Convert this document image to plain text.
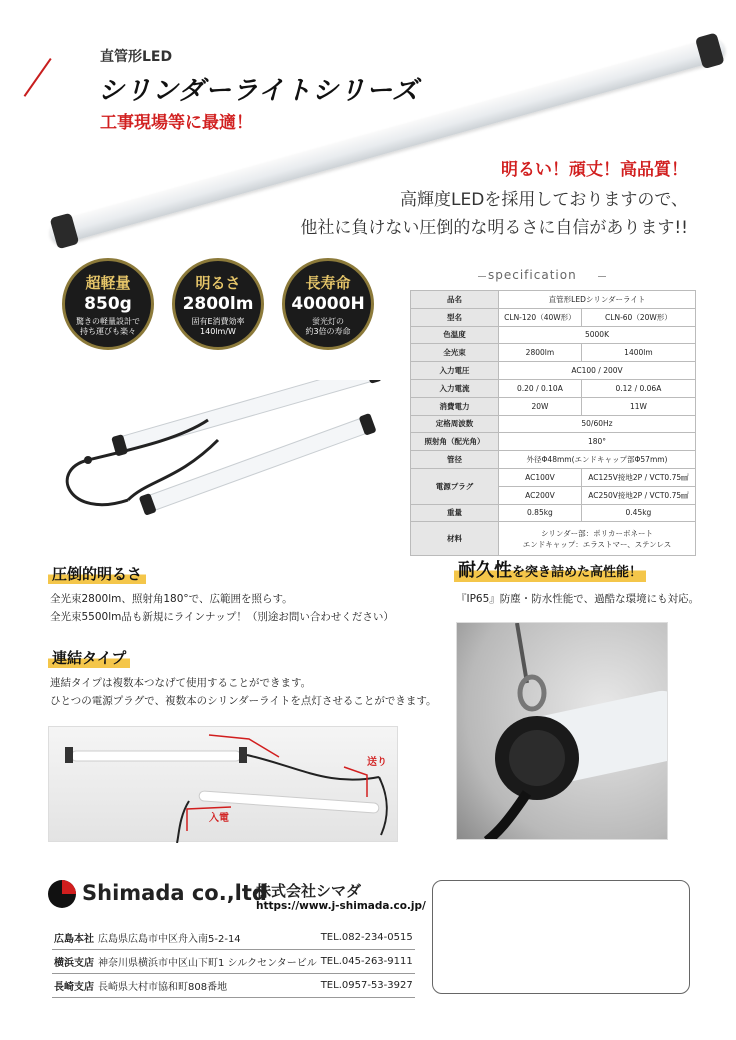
直管形LED
シリンダーライトシリーズ
工事現場等に最適！
明るい！頑丈！高品質！
高輝度LEDを採用しておりますので、
他社に負けない圧倒的な明るさに自信があります!!
超軽量
850g
驚きの軽量設計で
持ち運びも楽々
明るさ
2800lm
固有E消費効率
140lm/W
長寿命
40000H
蛍光灯の
約3倍の寿命
specification
品名	直管形LEDシリンダーライト	
型名	CLN-120（40W形）	CLN-60（20W形）
色温度	5000K	
全光束	2800lm	1400lm
入力電圧	AC100 / 200V	
入力電流	0.20 / 0.10A	0.12 / 0.06A
消費電力	20W	11W
定格周波数	50/60Hz	
照射角（配光角）	180°	
管径	外径Φ48mm(エンドキャップ部Φ57mm)	
電源プラグ	AC100V	AC125V接地2P / VCT0.75㎟
	AC200V	AC250V接地2P / VCT0.75㎟
重量	0.85kg	0.45kg
材料	シリンダー部：ポリカーボネート
エンドキャップ：エラストマー、ステンレス	
耐久性を突き詰めた高性能！
『IP65』防塵・防水性能で、過酷な環境にも対応。
圧倒的明るさ
全光束2800lm、照射角180°で、広範囲を照らす。
全光束5500lm品も新規にラインナップ！（別途お問い合わせください）
連結タイプ
連結タイプは複数本つなげて使用することができます。
ひとつの電源プラグで、複数本のシリンダーライトを点灯させることができます。
入電
送り
Shimada co.,ltd
株式会社シマダ
https://www.j-shimada.co.jp/
広島本社	広島県広島市中区舟入南5-2-14	TEL.082-234-0515
横浜支店	神奈川県横浜市中区山下町1 シルクセンタービル	TEL.045-263-9111
長崎支店	長崎県大村市協和町808番地	TEL.0957-53-3927
